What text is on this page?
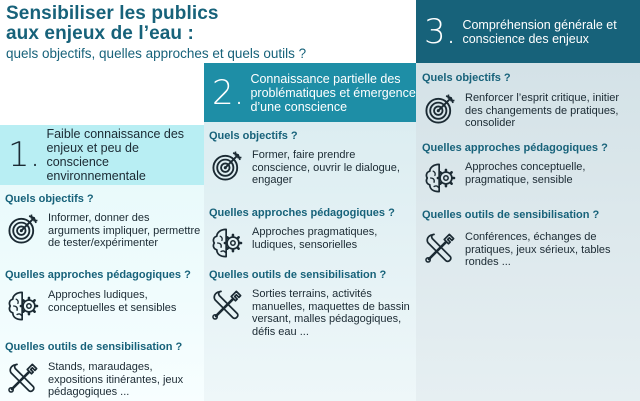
Sensibiliser les publics
aux enjeux de l’eau :
quels objectifs, quelles approches et quels outils ?
1.
Faible connaissance des enjeux et peu de conscience environnementale
Quels objectifs ?
Informer, donner des arguments impliquer, permettre de tester/expérimenter
Quelles approches pédagogiques ?
Approches ludiques, conceptuelles et sensibles
Quelles outils de sensibilisation ?
Stands, maraudages, expositions itinérantes, jeux pédagogiques ...
2. Connaissance partielle des problématiques et émergence d’une conscience
Quels objectifs ?
Former, faire prendre conscience, ouvrir le dialogue, engager
Quelles approches pédagogiques ?
Approches pragmatiques, ludiques, sensorielles
Quelles outils de sensibilisation ?
Sorties terrains, activités manuelles, maquettes de bassin versant, malles pédagogiques, défis eau ...
3. Compréhension générale et conscience des enjeux
Quels objectifs ?
Renforcer l’esprit critique, initier des changements de pratiques, consolider
Quelles approches pédagogiques ?
Approches conceptuelle, pragmatique, sensible
Quelles outils de sensibilisation ?
Conférences, échanges de pratiques, jeux sérieux, tables rondes ...
